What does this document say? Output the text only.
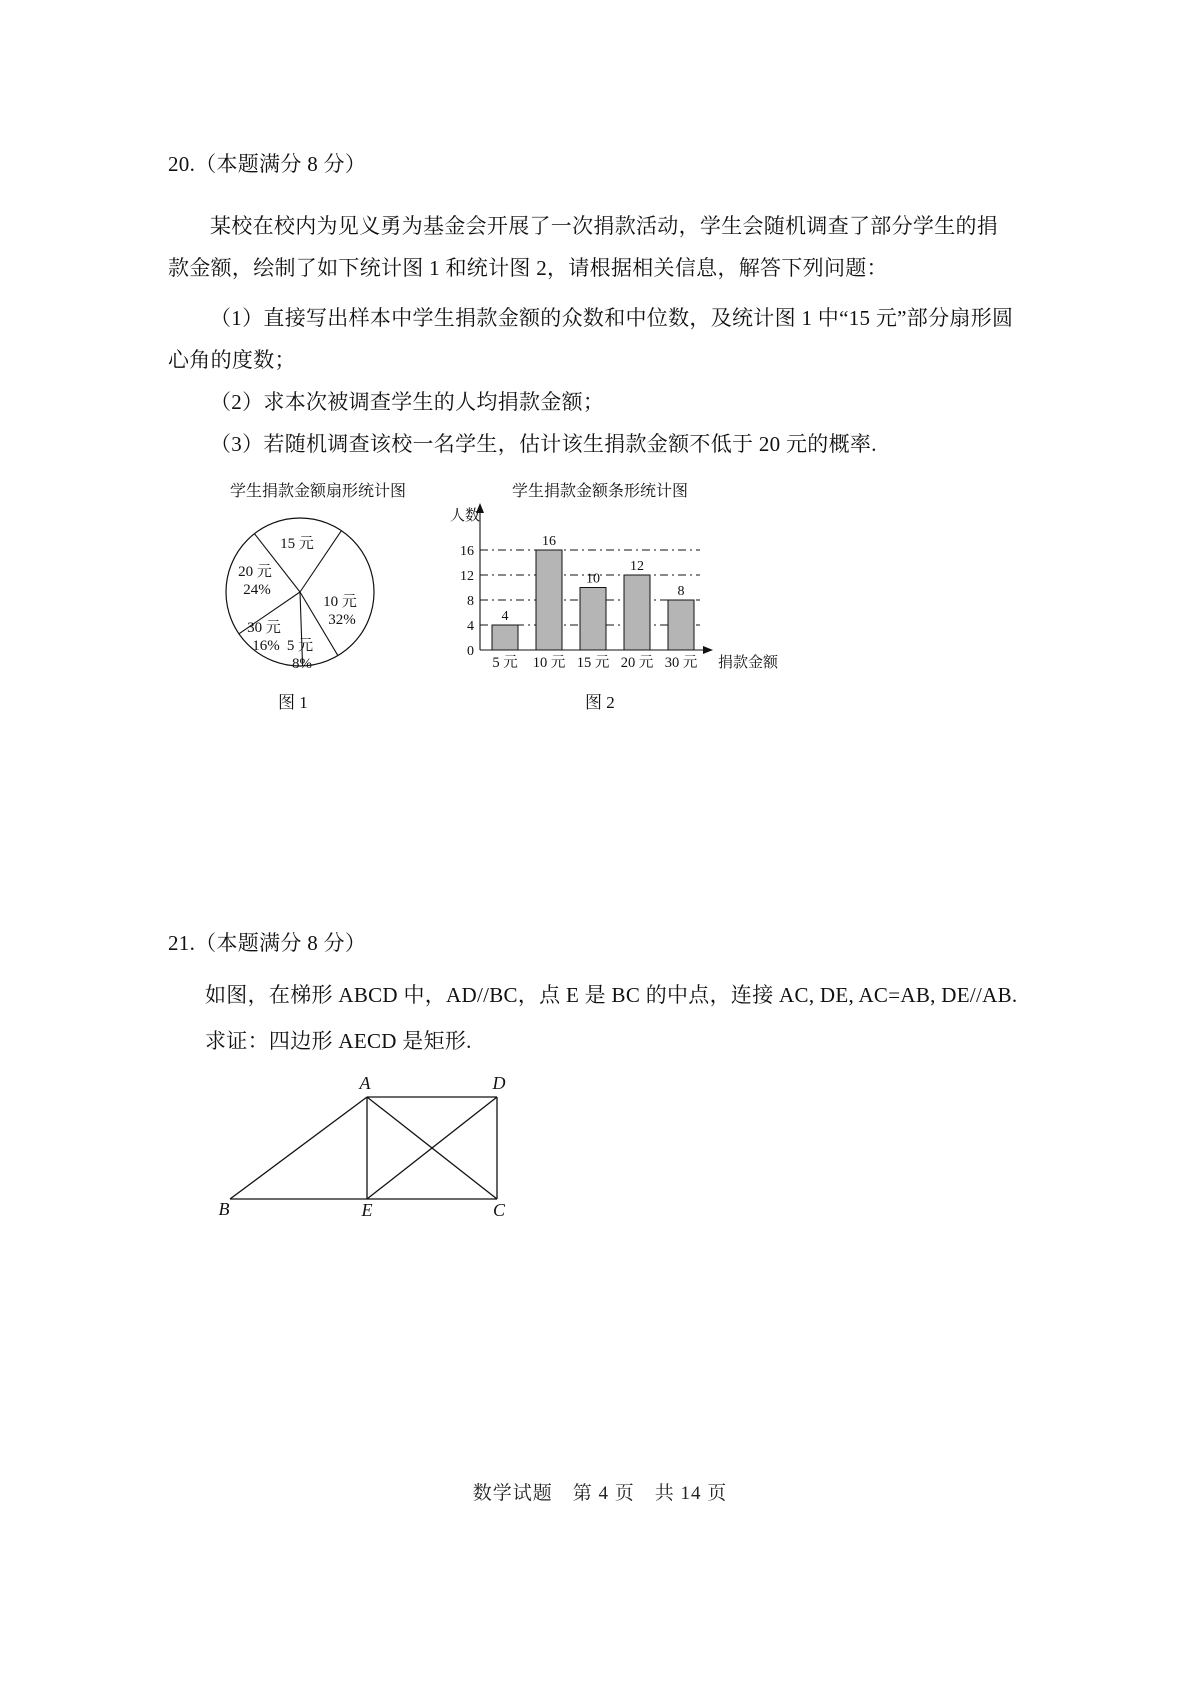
20.（本题满分 8 分）
某校在校内为见义勇为基金会开展了一次捐款活动，学生会随机调查了部分学生的捐
款金额，绘制了如下统计图 1 和统计图 2，请根据相关信息，解答下列问题：
（1）直接写出样本中学生捐款金额的众数和中位数，及统计图 1 中“15 元”部分扇形圆
心角的度数；
（2）求本次被调查学生的人均捐款金额；
（3）若随机调查该校一名学生，估计该生捐款金额不低于 20 元的概率.
学生捐款金额扇形统计图
15 元
10 元
32%
5 元
8%
30 元
16%
20 元
24%
图 1
学生捐款金额条形统计图
0
4
8
12
16
4
5 元
16
10 元
10
15 元
12
20 元
8
30 元
人数
捐款金额
图 2
21.（本题满分 8 分）
如图，在梯形 ABCD 中，AD//BC，点 E 是 BC 的中点，连接 AC, DE, AC=AB, DE//AB.
求证：四边形 AECD 是矩形.
A	D
B	E	C
数学试题　第 4 页　共 14 页
